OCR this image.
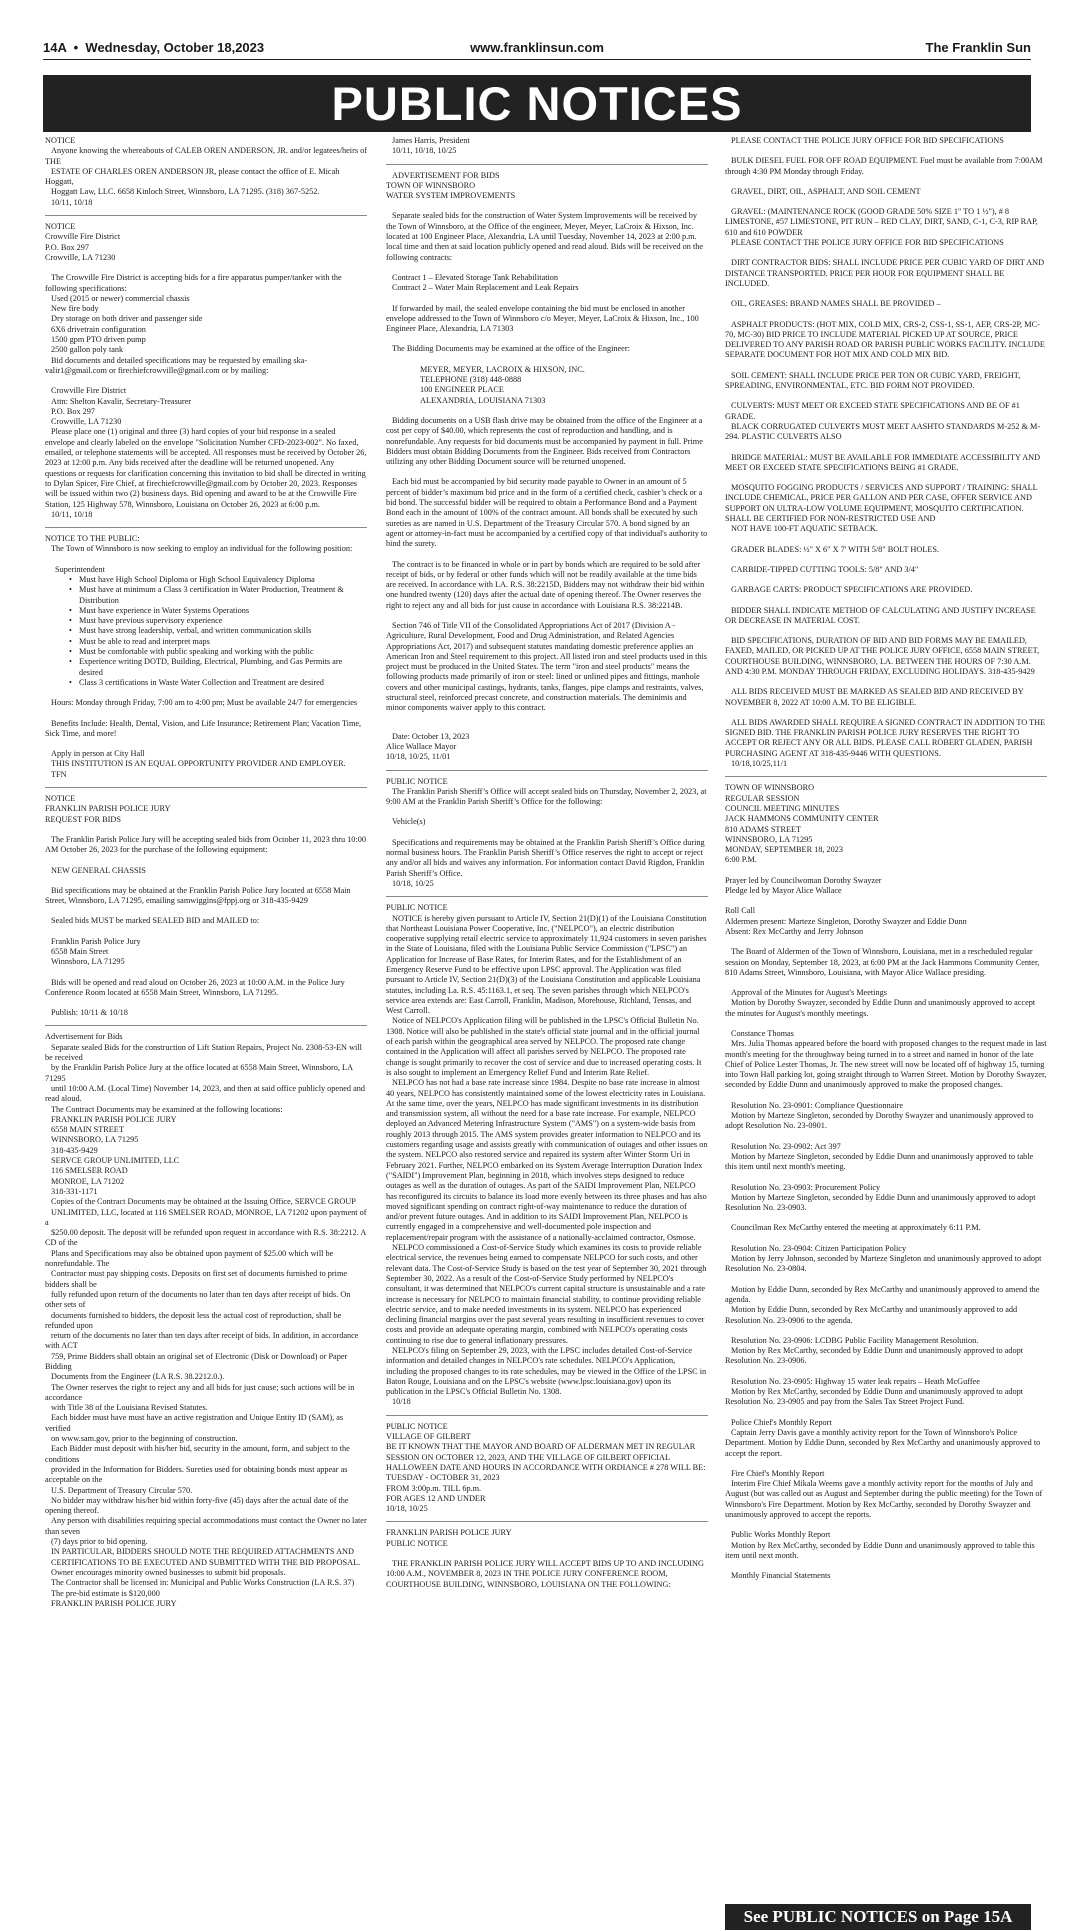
14A • Wednesday, October 18,2023	www.franklinsun.com	The Franklin Sun
PUBLIC NOTICES

NOTICE

Anyone knowing the whereabouts of CALEB OREN ANDERSON, JR. and/or legatees/heirs of THE

ESTATE OF CHARLES OREN ANDERSON JR, please contact the office of E. Micah Hoggatt,

Hoggatt Law, LLC. 6658 Kinloch Street, Winnsboro, LA 71295. (318) 367-5252.

10/11, 10/18

NOTICE

Crowville Fire District

P.O. Box 297

Crowville, LA 71230

The Crowville Fire District is accepting bids for a fire apparatus pumper/tanker with the following specifications:

Used (2015 or newer) commercial chassis

New fire body

Dry storage on both driver and passenger side

6X6 drivetrain configuration

1500 gpm PTO driven pump

2500 gallon poly tank

Bid documents and detailed specifications may be requested by emailing ska-valir1@gmail.com or firechiefcrowville@gmail.com or by mailing:

Crowville Fire District

Attn: Shelton Kavalir, Secretary-Treasurer

P.O. Box 297

Crowville, LA 71230

Please place one (1) original and three (3) hard copies of your bid response in a sealed envelope and clearly labeled on the envelope "Solicitation Number CFD-2023-002". No faxed, emailed, or telephone statements will be accepted. All responses must be received by October 26, 2023 at 12:00 p.m. Any bids received after the deadline will be returned unopened. Any questions or requests for clarification concerning this invitation to bid shall be directed in writing to Dylan Spicer, Fire Chief, at firechiefcrowville@gmail.com by October 20, 2023. Responses will be issued within two (2) business days. Bid opening and award to be at the Crowville Fire Station, 125 Highway 578, Winnsboro, Louisiana on October 26, 2023 at 6:00 p.m.

10/11, 10/18

NOTICE TO THE PUBLIC:

The Town of Winnsboro is now seeking to employ an individual for the following position:

Superintendent

• Must have High School Diploma or High School Equivalency Diploma

• Must have at minimum a Class 3 certification in Water Production, Treatment & Distribution

• Must have experience in Water Systems Operations

• Must have previous supervisory experience

• Must have strong leadership, verbal, and written communication skills

• Must be able to read and interpret maps

• Must be comfortable with public speaking and working with the public

• Experience writing DOTD, Building, Electrical, Plumbing, and Gas Permits are desired

• Class 3 certifications in Waste Water Collection and Treatment are desired

Hours: Monday through Friday, 7:00 am to 4:00 pm; Must be available 24/7 for emergencies

Benefits Include: Health, Dental, Vision, and Life Insurance; Retirement Plan; Vacation Time, Sick Time, and more!

Apply in person at City Hall

THIS INSTITUTION IS AN EQUAL OPPORTUNITY PROVIDER AND EMPLOYER.

TFN

NOTICE

FRANKLIN PARISH POLICE JURY

REQUEST FOR BIDS

The Franklin Parish Police Jury will be accepting sealed bids from October 11, 2023 thru 10:00 AM October 26, 2023 for the purchase of the following equipment:

NEW GENERAL CHASSIS

Bid specifications may be obtained at the Franklin Parish Police Jury located at 6558 Main Street, Winnsboro, LA 71295, emailing samwiggins@fppj.org or 318-435-9429

Sealed bids MUST be marked SEALED BID and MAILED to:

Franklin Parish Police Jury

6558 Main Street

Winnsboro, LA 71295

Bids will be opened and read aloud on October 26, 2023 at 10:00 A.M. in the Police Jury Conference Room located at 6558 Main Street, Winnsboro, LA 71295.

Publish: 10/11 & 10/18

Advertisement for Bids

Separate sealed Bids for the construction of Lift Station Repairs, Project No. 2308-53-EN will be received

by the Franklin Parish Police Jury at the office located at 6558 Main Street, Winnsboro, LA 71295

until 10:00 A.M. (Local Time) November 14, 2023, and then at said office publicly opened and read aloud.

The Contract Documents may be examined at the following locations:

FRANKLIN PARISH POLICE JURY

6558 MAIN STREET

WINNSBORO, LA 71295

318-435-9429

SERVCE GROUP UNLIMITED, LLC

116 SMELSER ROAD

MONROE, LA 71202

318-331-1171

Copies of the Contract Documents may be obtained at the Issuing Office, SERVCE GROUP

UNLIMITED, LLC, located at 116 SMELSER ROAD, MONROE, LA 71202 upon payment of a

$250.00 deposit. The deposit will be refunded upon request in accordance with R.S. 38:2212. A CD of the

Plans and Specifications may also be obtained upon payment of $25.00 which will be nonrefundable. The

Contractor must pay shipping costs. Deposits on first set of documents furnished to prime bidders shall be

fully refunded upon return of the documents no later than ten days after receipt of bids. On other sets of

documents furnished to bidders, the deposit less the actual cost of reproduction, shall be refunded upon

return of the documents no later than ten days after receipt of bids. In addition, in accordance with ACT

759, Prime Bidders shall obtain an original set of Electronic (Disk or Download) or Paper Bidding

Documents from the Engineer (LA R.S. 38.2212.0.).

The Owner reserves the right to reject any and all bids for just cause; such actions will be in accordance

with Title 38 of the Louisiana Revised Statutes.

Each bidder must have must have an active registration and Unique Entity ID (SAM), as verified

on www.sam.gov, prior to the beginning of construction.

Each Bidder must deposit with his/her bid, security in the amount, form, and subject to the conditions

provided in the Information for Bidders. Sureties used for obtaining bonds must appear as acceptable on the

U.S. Department of Treasury Circular 570.

No bidder may withdraw his/her bid within forty-five (45) days after the actual date of the opening thereof.

Any person with disabilities requiring special accommodations must contact the Owner no later than seven

(7) days prior to bid opening.

IN PARTICULAR, BIDDERS SHOULD NOTE THE REQUIRED ATTACHMENTS AND

CERTIFICATIONS TO BE EXECUTED AND SUBMITTED WITH THE BID PROPOSAL.

Owner encourages minority owned businesses to submit bid proposals.

The Contractor shall be licensed in: Municipal and Public Works Construction (LA R.S. 37)

The pre-bid estimate is $120,000

FRANKLIN PARISH POLICE JURY

James Harris, President

10/11, 10/18, 10/25

ADVERTISEMENT FOR BIDS

TOWN OF WINNSBORO

WATER SYSTEM IMPROVEMENTS

Separate sealed bids for the construction of Water System Improvements will be received by the Town of Winnsboro, at the Office of the engineer, Meyer, Meyer, LaCroix & Hixson, Inc. located at 100 Engineer Place, Alexandria, LA until Tuesday, November 14, 2023 at 2:00 p.m. local time and then at said location publicly opened and read aloud. Bids will be received on the following contracts:

Contract 1 – Elevated Storage Tank Rehabilitation

Contract 2 – Water Main Replacement and Leak Repairs

If forwarded by mail, the sealed envelope containing the bid must be enclosed in another envelope addressed to the Town of Winnsboro c/o Meyer, Meyer, LaCroix & Hixson, Inc., 100 Engineer Place, Alexandria, LA 71303

The Bidding Documents may be examined at the office of the Engineer:

MEYER, MEYER, LACROIX & HIXSON, INC.

TELEPHONE (318) 448-0888

100 ENGINEER PLACE

ALEXANDRIA, LOUISIANA 71303

Bidding documents on a USB flash drive may be obtained from the office of the Engineer at a cost per copy of $40.00, which represents the cost of reproduction and handling, and is nonrefundable. Any requests for bid documents must be accompanied by payment in full. Prime Bidders must obtain Bidding Documents from the Engineer. Bids received from Contractors utilizing any other Bidding Document source will be returned unopened.

Each bid must be accompanied by bid security made payable to Owner in an amount of 5 percent of bidder’s maximum bid price and in the form of a certified check, cashier’s check or a bid bond. The successful bidder will be required to obtain a Performance Bond and a Payment Bond each in the amount of 100% of the contract amount. All bonds shall be executed by such sureties as are named in U.S. Department of the Treasury Circular 570. A bond signed by an agent or attorney-in-fact must be accompanied by a certified copy of that individual's authority to bind the surety.

The contract is to be financed in whole or in part by bonds which are required to be sold after receipt of bids, or by federal or other funds which will not be readily available at the time bids are received. In accordance with LA. R.S. 38:2215D, Bidders may not withdraw their bid within one hundred twenty (120) days after the actual date of opening thereof. The Owner reserves the right to reject any and all bids for just cause in accordance with Louisiana R.S. 38:2214B.

Section 746 of Title VII of the Consolidated Appropriations Act of 2017 (Division A - Agriculture, Rural Development, Food and Drug Administration, and Related Agencies Appropriations Act, 2017) and subsequent statutes mandating domestic preference applies an American Iron and Steel requirement to this project. All listed iron and steel products used in this project must be produced in the United States. The term "iron and steel products" means the following products made primarily of iron or steel: lined or unlined pipes and fittings, manhole covers and other municipal castings, hydrants, tanks, flanges, pipe clamps and restraints, valves, structural steel, reinforced precast concrete, and construction materials. The deminimis and minor components waiver apply to this contract.

Date: October 13, 2023

Alice Wallace Mayor

10/18, 10/25, 11/01

PUBLIC NOTICE

The Franklin Parish Sheriff’s Office will accept sealed bids on Thursday, November 2, 2023, at 9:00 AM at the Franklin Parish Sheriff’s Office for the following:

Vehicle(s)

Specifications and requirements may be obtained at the Franklin Parish Sheriff’s Office during normal business hours. The Franklin Parish Sheriff’s Office reserves the right to accept or reject any and/or all bids and waives any information. For information contact David Rigdon, Franklin Parish Sheriff’s Office.

10/18, 10/25

PUBLIC NOTICE

NOTICE is hereby given pursuant to Article IV, Section 21(D)(1) of the Louisiana Constitution that Northeast Louisiana Power Cooperative, Inc. ("NELPCO"), an electric distribution cooperative supplying retail electric service to approximately 11,924 customers in seven parishes in the State of Louisiana, filed with the Louisiana Public Service Commission ("LPSC") an Application for Increase of Base Rates, for Interim Rates, and for the Establishment of an Emergency Reserve Fund to be effective upon LPSC approval. The Application was filed pursuant to Article IV, Section 21(D)(3) of the Louisiana Constitution and applicable Louisiana statutes, including La. R.S. 45:1163.1, et seq. The seven parishes through which NELPCO's service area extends are: East Carroll, Franklin, Madison, Morehouse, Richland, Tensas, and West Carroll.

Notice of NELPCO's Application filing will be published in the LPSC's Official Bulletin No. 1308. Notice will also be published in the state's official state journal and in the official journal of each parish within the geographical area served by NELPCO. The proposed rate change contained in the Application will affect all parishes served by NELPCO. The proposed rate change is sought primarily to recover the cost of service and due to increased operating costs. It is also sought to implement an Emergency Relief Fund and Interim Rate Relief.

NELPCO has not had a base rate increase since 1984. Despite no base rate increase in almost 40 years, NELPCO has consistently maintained some of the lowest electricity rates in Louisiana. At the same time, over the years, NELPCO has made significant investments in its distribution and transmission system, all without the need for a base rate increase. For example, NELPCO deployed an Advanced Metering Infrastructure System ("AMS") on a system-wide basis from roughly 2013 through 2015. The AMS system provides greater information to NELPCO and its customers regarding usage and assists greatly with communication of outages and other issues on the system. NELPCO also restored service and repaired its system after Winter Storm Uri in February 2021. Further, NELPCO embarked on its System Average Interruption Duration Index ("SAIDI") Improvement Plan, beginning in 2018, which involves steps designed to reduce outages as well as the duration of outages. As part of the SAIDI Improvement Plan, NELPCO has reconfigured its circuits to balance its load more evenly between its three phases and has also moved significant spending on contract right-of-way maintenance to reduce the duration of and/or prevent future outages. And in addition to its SAIDI Improvement Plan, NELPCO is currently engaged in a comprehensive and well-documented pole inspection and replacement/repair program with the assistance of a nationally-acclaimed contractor, Osmose.

NELPCO commissioned a Cost-of-Service Study which examines its costs to provide reliable electrical service, the revenues being earned to compensate NELPCO for such costs, and other relevant data. The Cost-of-Service Study is based on the test year of September 30, 2021 through September 30, 2022. As a result of the Cost-of-Service Study performed by NELPCO's consultant, it was determined that NELPCO's current capital structure is unsustainable and a rate increase is necessary for NELPCO to maintain financial stability, to continue providing reliable electric service, and to make needed investments in its system. NELPCO has experienced declining financial margins over the past several years resulting in insufficient revenues to cover costs and provide an adequate operating margin, combined with NELPCO's operating costs continuing to rise due to general inflationary pressures.

NELPCO's filing on September 29, 2023, with the LPSC includes detailed Cost-of-Service information and detailed changes in NELPCO's rate schedules. NELPCO's Application, including the proposed changes to its rate schedules, may be viewed in the Office of the LPSC in Baton Rouge, Louisiana and on the LPSC's website (www.lpsc.louisiana.gov) upon its publication in the LPSC's Official Bulletin No. 1308.

10/18

PUBLIC NOTICE

VILLAGE OF GILBERT

BE IT KNOWN THAT THE MAYOR AND BOARD OF ALDERMAN MET IN REGULAR SESSION ON OCTOBER 12, 2023, AND THE VILLAGE OF GILBERT OFFICIAL HALLOWEEN DATE AND HOURS IN ACCORDANCE WITH ORDIANCE # 278 WILL BE:

TUESDAY - OCTOBER 31, 2023

FROM 3:00p.m. TILL 6p.m.

FOR AGES 12 AND UNDER

10/18, 10/25

FRANKLIN PARISH POLICE JURY

PUBLIC NOTICE

THE FRANKLIN PARISH POLICE JURY WILL ACCEPT BIDS UP TO AND INCLUDING 10:00 A.M., NOVEMBER 8, 2023 IN THE POLICE JURY CONFERENCE ROOM, COURTHOUSE BUILDING, WINNSBORO, LOUISIANA ON THE FOLLOWING:

PLEASE CONTACT THE POLICE JURY OFFICE FOR BID SPECIFICATIONS

BULK DIESEL FUEL FOR OFF ROAD EQUIPMENT. Fuel must be available from 7:00AM through 4:30 PM Monday through Friday.

GRAVEL, DIRT, OIL, ASPHALT, AND SOIL CEMENT

GRAVEL: (MAINTENANCE ROCK (GOOD GRADE 50% SIZE 1" TO 1 ½"), # 8 LIMESTONE, #57 LIMESTONE, PIT RUN – RED CLAY, DIRT, SAND, C-1, C-3, RIP RAP, 610 and 610 POWDER

PLEASE CONTACT THE POLICE JURY OFFICE FOR BID SPECIFICATIONS

DIRT CONTRACTOR BIDS: SHALL INCLUDE PRICE PER CUBIC YARD OF DIRT AND DISTANCE TRANSPORTED. PRICE PER HOUR FOR EQUIPMENT SHALL BE INCLUDED.

OIL, GREASES: BRAND NAMES SHALL BE PROVIDED –

ASPHALT PRODUCTS: (HOT MIX, COLD MIX, CRS-2, CSS-1, SS-1, AEP, CRS-2P, MC-70, MC-30) BID PRICE TO INCLUDE MATERIAL PICKED UP AT SOURCE, PRICE DELIVERED TO ANY PARISH ROAD OR PARISH PUBLIC WORKS FACILITY. INCLUDE SEPARATE DOCUMENT FOR HOT MIX AND COLD MIX BID.

SOIL CEMENT: SHALL INCLUDE PRICE PER TON OR CUBIC YARD, FREIGHT, SPREADING, ENVIRONMENTAL, ETC. BID FORM NOT PROVIDED.

CULVERTS: MUST MEET OR EXCEED STATE SPECIFICATIONS AND BE OF #1 GRADE.

BLACK CORRUGATED CULVERTS MUST MEET AASHTO STANDARDS M-252 & M-294. PLASTIC CULVERTS ALSO

BRIDGE MATERIAL: MUST BE AVAILABLE FOR IMMEDIATE ACCESSIBILITY AND MEET OR EXCEED STATE SPECIFICATIONS BEING #1 GRADE.

MOSQUITO FOGGING PRODUCTS / SERVICES AND SUPPORT / TRAINING: SHALL INCLUDE CHEMICAL, PRICE PER GALLON AND PER CASE, OFFER SERVICE AND SUPPORT ON ULTRA-LOW VOLUME EQUIPMENT, MOSQUITO CERTIFICATION. SHALL BE CERTIFIED FOR NON-RESTRICTED USE AND

NOT HAVE 100-FT AQUATIC SETBACK.

GRADER BLADES: ½" X 6" X 7' WITH 5/8" BOLT HOLES.

CARBIDE-TIPPED CUTTING TOOLS: 5/8" AND 3/4"

GARBAGE CARTS: PRODUCT SPECIFICATIONS ARE PROVIDED.

BIDDER SHALL INDICATE METHOD OF CALCULATING AND JUSTIFY INCREASE OR DECREASE IN MATERIAL COST.

BID SPECIFICATIONS, DURATION OF BID AND BID FORMS MAY BE EMAILED, FAXED, MAILED, OR PICKED UP AT THE POLICE JURY OFFICE, 6558 MAIN STREET, COURTHOUSE BUILDING, WINNSBORO, LA. BETWEEN THE HOURS OF 7:30 A.M. AND 4:30 P.M. MONDAY THROUGH FRIDAY, EXCLUDING HOLIDAYS. 318-435-9429

ALL BIDS RECEIVED MUST BE MARKED AS SEALED BID AND RECEIVED BY NOVEMBER 8, 2022 AT 10:00 A.M. TO BE ELIGIBLE.

ALL BIDS AWARDED SHALL REQUIRE A SIGNED CONTRACT IN ADDITION TO THE SIGNED BID. THE FRANKLIN PARISH POLICE JURY RESERVES THE RIGHT TO ACCEPT OR REJECT ANY OR ALL BIDS. PLEASE CALL ROBERT GLADEN, PARISH PURCHASING AGENT AT 318-435-9446 WITH QUESTIONS.

10/18,10/25,11/1

TOWN OF WINNSBORO

REGULAR SESSION

COUNCIL MEETING MINUTES

JACK HAMMONS COMMUNITY CENTER

810 ADAMS STREET

WINNSBORO, LA 71295

MONDAY, SEPTEMBER 18, 2023

6:00 P.M.

Prayer led by Councilwoman Dorothy Swayzer

Pledge led by Mayor Alice Wallace

Roll Call

Aldermen present: Marteze Singleton, Dorothy Swayzer and Eddie Dunn

Absent: Rex McCarthy and Jerry Johnson

The Board of Aldermen of the Town of Winnsboro, Louisiana, met in a rescheduled regular session on Monday, September 18, 2023, at 6:00 PM at the Jack Hammons Community Center, 810 Adams Street, Winnsboro, Louisiana, with Mayor Alice Wallace presiding.

Approval of the Minutes for August's Meetings

Motion by Dorothy Swayzer, seconded by Eddie Dunn and unanimously approved to accept the minutes for August's monthly meetings.

Constance Thomas

Mrs. Julia Thomas appeared before the board with proposed changes to the request made in last month's meeting for the throughway being turned in to a street and named in honor of the late Chief of Police Lester Thomas, Jr. The new street will now be located off of highway 15, turning into Town Hall parking lot, going straight through to Warren Street. Motion by Dorothy Swayzer, seconded by Eddie Dunn and unanimously approved to make the proposed changes.

Resolution No. 23-0901: Compliance Questionnaire

Motion by Marteze Singleton, seconded by Dorothy Swayzer and unanimously approved to adopt Resolution No. 23-0901.

Resolution No. 23-0902: Act 397

Motion by Marteze Singleton, seconded by Eddie Dunn and unanimously approved to table this item until next month's meeting.

Resolution No. 23-0903: Procurement Policy

Motion by Marteze Singleton, seconded by Eddie Dunn and unanimously approved to adopt Resolution No. 23-0903.

Councilman Rex McCarthy entered the meeting at approximately 6:11 P.M.

Resolution No. 23-0904: Citizen Participation Policy

Motion by Jerry Johnson, seconded by Marteze Singleton and unanimously approved to adopt Resolution No. 23-0804.

Motion by Eddie Dunn, seconded by Rex McCarthy and unanimously approved to amend the agenda.

Motion by Eddie Dunn, seconded by Rex McCarthy and unanimously approved to add Resolution No. 23-0906 to the agenda.

Resolution No. 23-0906: LCDBG Public Facility Management Resolution.

Motion by Rex McCarthy, seconded by Eddie Dunn and unanimously approved to adopt Resolution No. 23-0906.

Resolution No. 23-0905: Highway 15 water leak repairs – Heath McGuffee

Motion by Rex McCarthy, seconded by Eddie Dunn and unanimously approved to adopt Resolution No. 23-0905 and pay from the Sales Tax Street Project Fund.

Police Chief's Monthly Report

Captain Jerry Davis gave a monthly activity report for the Town of Winnsboro's Police Department. Motion by Eddie Dunn, seconded by Rex McCarthy and unanimously approved to accept the report.

Fire Chief's Monthly Report

Interim Fire Chief Mikala Weems gave a monthly activity report for the months of July and August (but was called out as August and September during the public meeting) for the Town of Winnsboro's Fire Department. Motion by Rex McCarthy, seconded by Dorothy Swayzer and unanimously approved to accept the reports.

Public Works Monthly Report

Motion by Rex McCarthy, seconded by Eddie Dunn and unanimously approved to table this item until next month.

Monthly Financial Statements

See PUBLIC NOTICES on Page 15A
